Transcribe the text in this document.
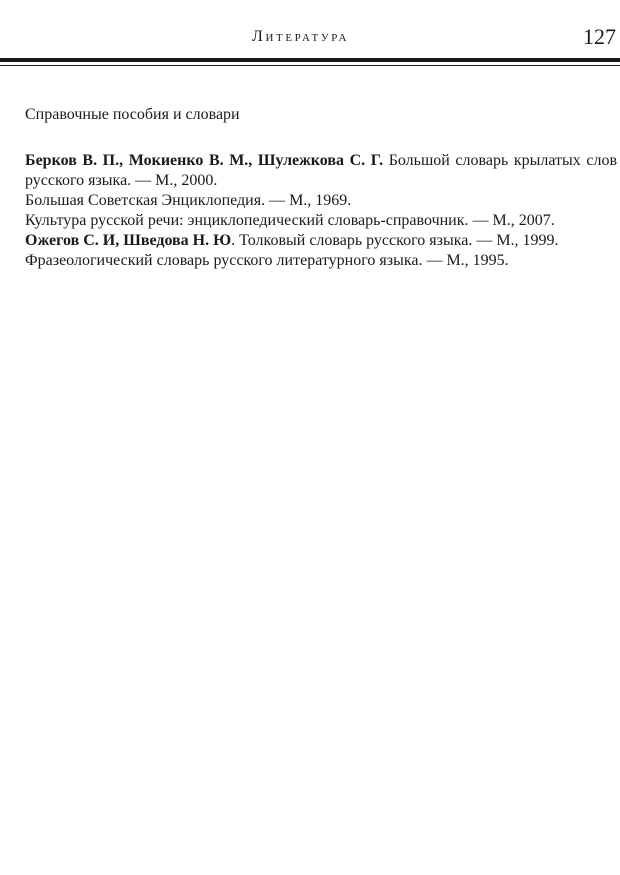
Литература	127

Справочные пособия и словари

Берков В. П., Мокиенко В. М., Шулежкова С. Г. Большой словарь крылатых слов русского языка. — М., 2000.

Большая Советская Энциклопедия. — М., 1969.

Культура русской речи: энциклопедический словарь-справочник. — М., 2007.

Ожегов С. И, Шведова Н. Ю. Толковый словарь русского языка. — М., 1999.

Фразеологический словарь русского литературного языка. — М., 1995.
